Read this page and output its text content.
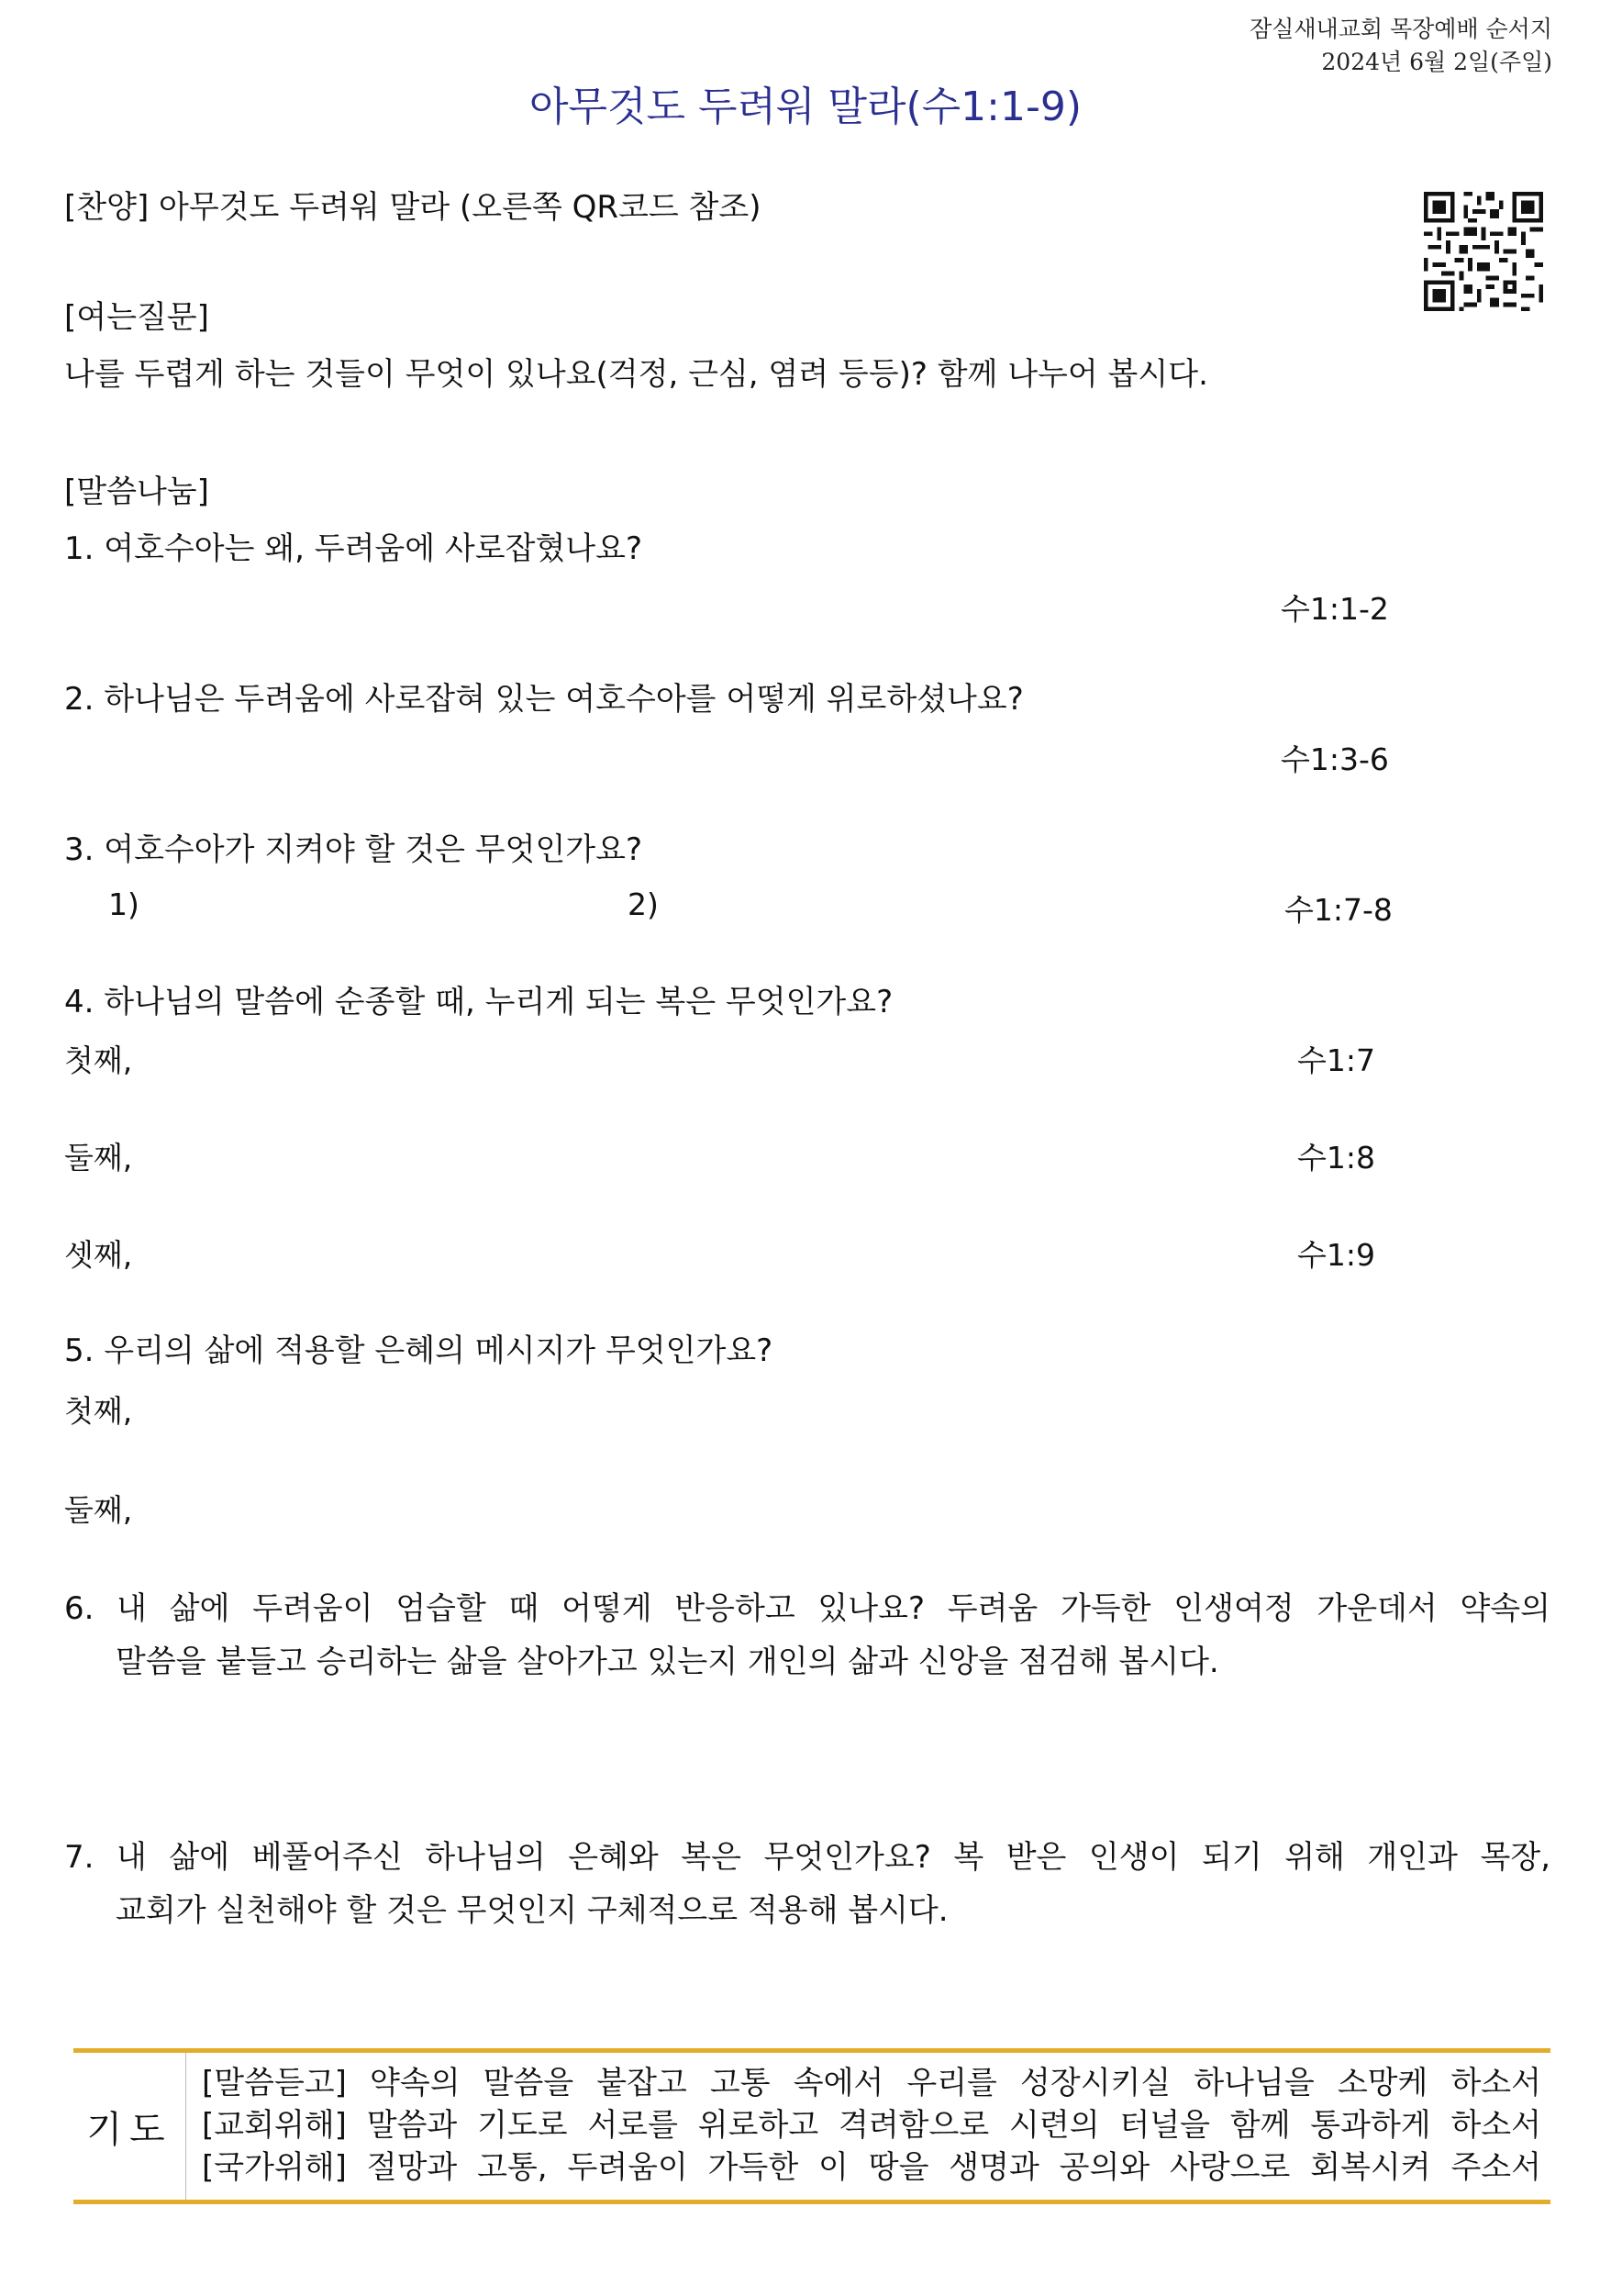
잠실새내교회 목장예배 순서지
2024년 6월 2일(주일)
아무것도 두려워 말라(수1:1-9)
[찬양] 아무것도 두려워 말라 (오른쪽 QR코드 참조)
[여는질문]
나를 두렵게 하는 것들이 무엇이 있나요(걱정, 근심, 염려 등등)? 함께 나누어 봅시다.
[말씀나눔]
1. 여호수아는 왜, 두려움에 사로잡혔나요?
수1:1-2
2. 하나님은 두려움에 사로잡혀 있는 여호수아를 어떻게 위로하셨나요?
수1:3-6
3. 여호수아가 지켜야 할 것은 무엇인가요?
1)	2)	수1:7-8
4. 하나님의 말씀에 순종할 때, 누리게 되는 복은 무엇인가요?
첫째,	수1:7
둘째,	수1:8
셋째,	수1:9
5. 우리의 삶에 적용할 은혜의 메시지가 무엇인가요?
첫째,
둘째,
6. 내 삶에 두려움이 엄습할 때 어떻게 반응하고 있나요? 두려움 가득한 인생여정 가운데서 약속의
말씀을 붙들고 승리하는 삶을 살아가고 있는지 개인의 삶과 신앙을 점검해 봅시다.
7. 내 삶에 베풀어주신 하나님의 은혜와 복은 무엇인가요? 복 받은 인생이 되기 위해 개인과 목장,
교회가 실천해야 할 것은 무엇인지 구체적으로 적용해 봅시다.
기도
[말씀듣고] 약속의 말씀을 붙잡고 고통 속에서 우리를 성장시키실 하나님을 소망케 하소서
[교회위해] 말씀과 기도로 서로를 위로하고 격려함으로 시련의 터널을 함께 통과하게 하소서
[국가위해] 절망과 고통, 두려움이 가득한 이 땅을 생명과 공의와 사랑으로 회복시켜 주소서
